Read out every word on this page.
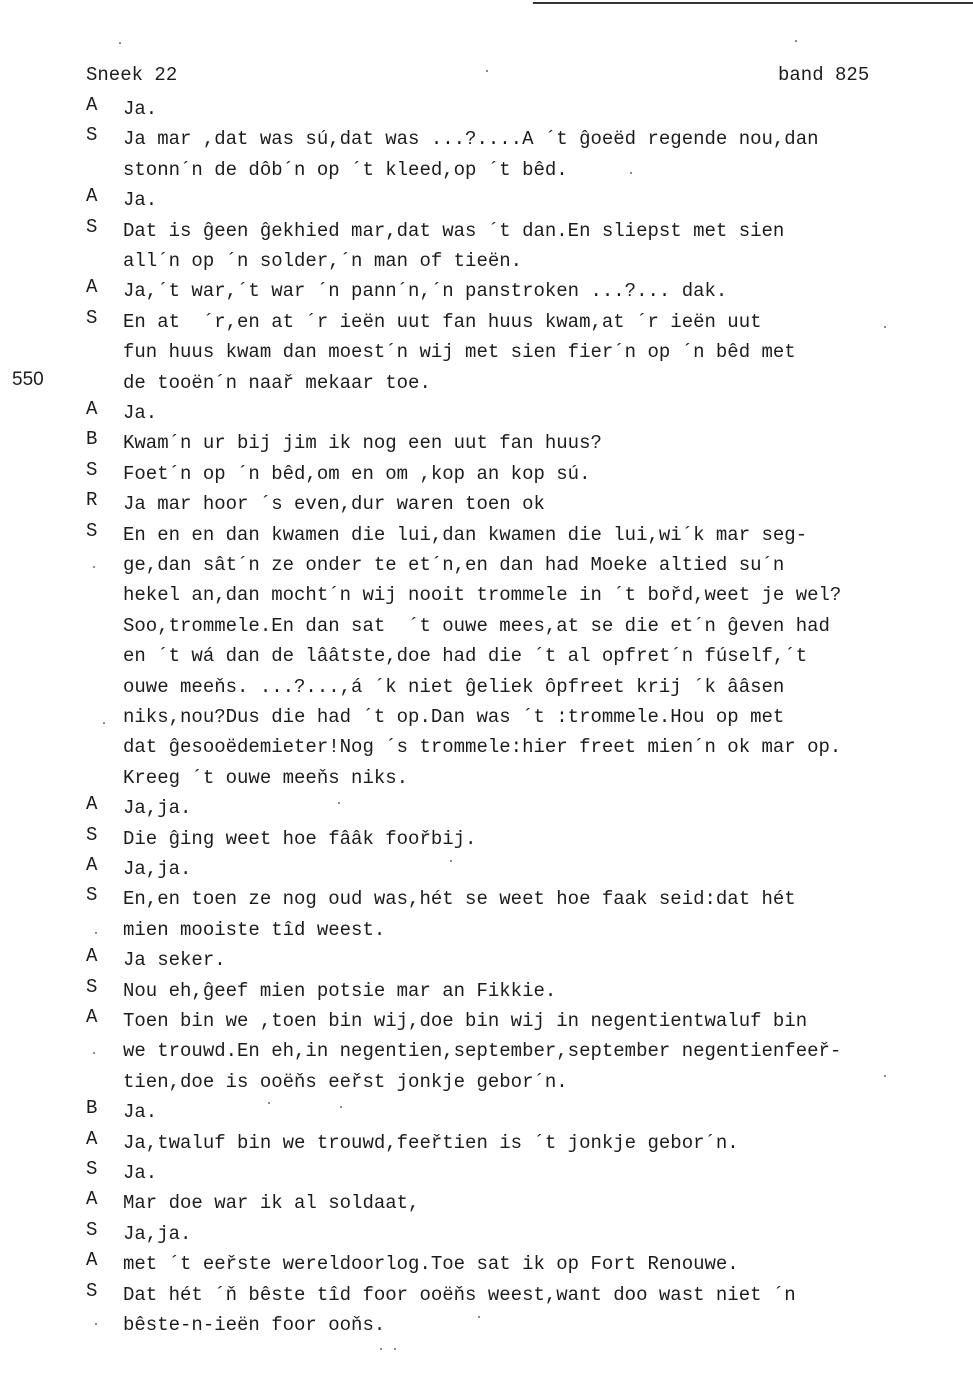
Sneek 22	band 825
550
A	Ja.
S	Ja mar ,dat was sú,dat was ...?....A ´t ĝoeëd regende nou,dan
stonn´n de dôb´n op ´t kleed,op ´t bêd.
A	Ja.
S	Dat is ĝeen ĝekhied mar,dat was ´t dan.En sliepst met sien
all´n op ´n solder,´n man of tieën.
A	Ja,´t war,´t war ´n pann´n,´n panstroken ...?... dak.
S	En at  ´r,en at ´r ieën uut fan huus kwam,at ´r ieën uut
fun huus kwam dan moest´n wij met sien fier´n op ´n bêd met
de tooën´n naař mekaar toe.
A	Ja.
B	Kwam´n ur bij jim ik nog een uut fan huus?
S	Foet´n op ´n bêd,om en om ,kop an kop sú.
R	Ja mar hoor ´s even,dur waren toen ok
S	En en en dan kwamen die lui,dan kwamen die lui,wi´k mar seg-
ge,dan sât´n ze onder te et´n,en dan had Moeke altied su´n
hekel an,dan mocht´n wij nooit trommele in ´t bořd,weet je wel?
Soo,trommele.En dan sat  ´t ouwe mees,at se die et´n ĝeven had
en ´t wá dan de lââtste,doe had die ´t al opfret´n fúself,´t
ouwe meeňs. ...?...,á ´k niet ĝeliek ôpfreet krij ´k ââsen
niks,nou?Dus die had ´t op.Dan was ´t :trommele.Hou op met
dat ĝesooëdemieter!Nog ´s trommele:hier freet mien´n ok mar op.
Kreeg ´t ouwe meeňs niks.
A	Ja,ja.
S	Die ĝing weet hoe fââk foořbij.
A	Ja,ja.
S	En,en toen ze nog oud was,hét se weet hoe faak seid:dat hét
mien mooiste tîd weest.
A	Ja seker.
S	Nou eh,ĝeef mien potsie mar an Fikkie.
A	Toen bin we ,toen bin wij,doe bin wij in negentientwaluf bin
we trouwd.En eh,in negentien,september,september negentienfeeř-
tien,doe is ooëňs eeřst jonkje gebor´n.
B	Ja.
A	Ja,twaluf bin we trouwd,feeřtien is ´t jonkje gebor´n.
S	Ja.
A	Mar doe war ik al soldaat,
S	Ja,ja.
A	met ´t eeřste wereldoorlog.Toe sat ik op Fort Renouwe.
S	Dat hét ´ň bêste tîd foor ooëňs weest,want doo wast niet ´n
bêste-n-ieën foor ooňs.
